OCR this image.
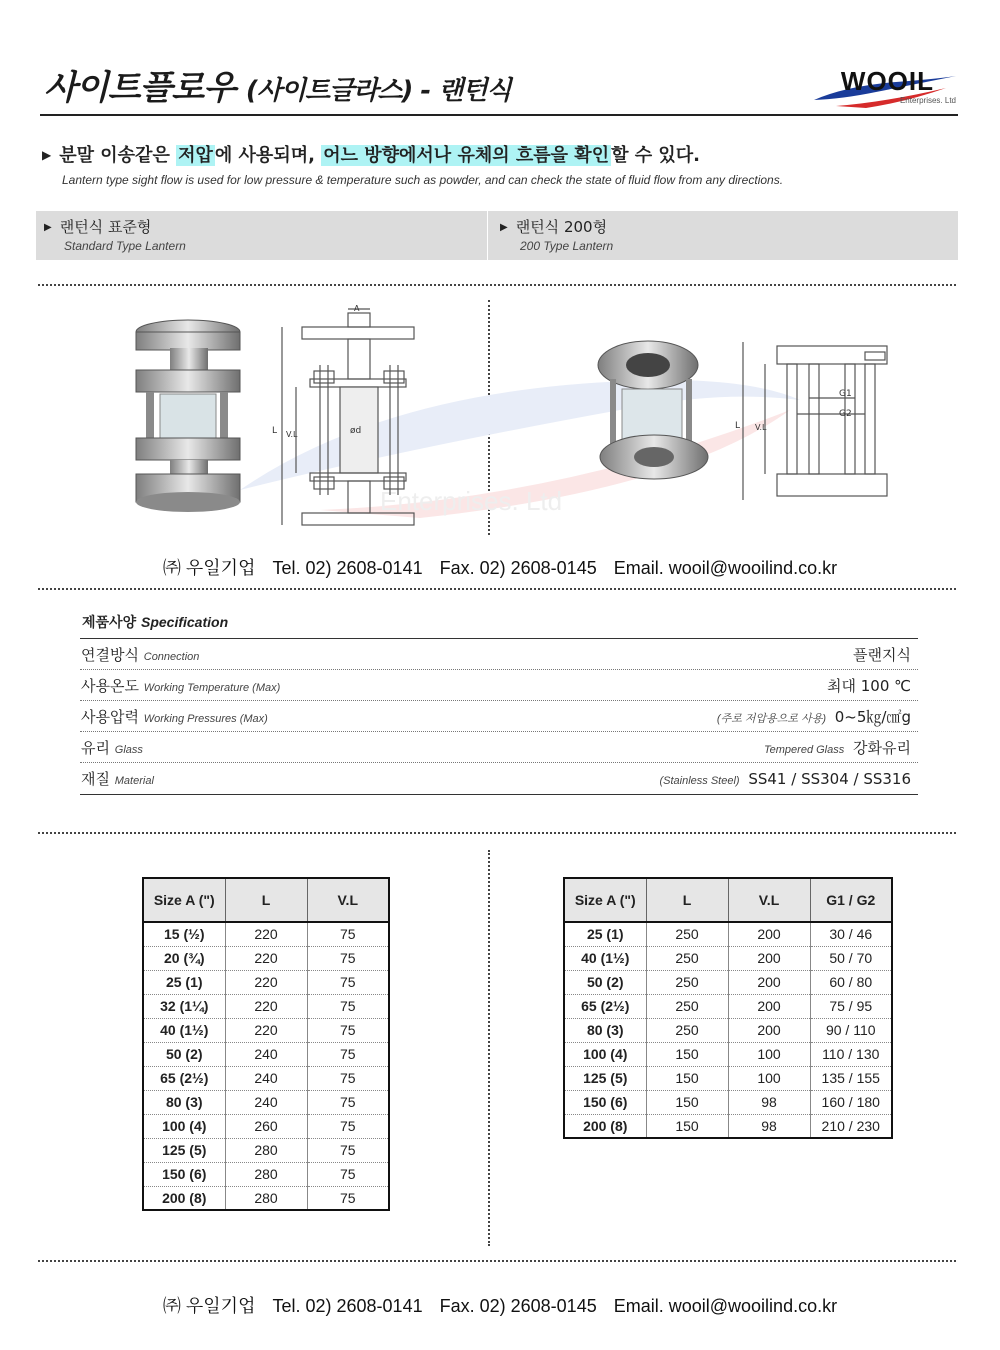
사이트플로우 (사이트글라스) - 랜턴식	WOOIL
Enterprises. Ltd
▶ 분말 이송같은 저압 에 사용되며, 어느 방향에서나 유체의 흐름을 확인 할 수 있다.
Lantern type sight flow is used for low pressure & temperature such as powder, and can check the state of fluid flow from any directions.
▶ 랜턴식 표준형
Standard Type Lantern
▶ 랜턴식 200형
200 Type Lantern
Enterprises. Ltd
A
L V.L	ød
G1
G2
L V.L
㈜ 우일기업 Tel. 02) 2608-0141 Fax. 02) 2608-0145 Email. wooil@wooilind.co.kr
제품사양 Specification
연결방식 Connection	플랜지식
사용온도 Working Temperature (Max)	최대 100 ℃
사용압력 Working Pressures (Max)	(주로 저압용으로 사용) 0~5㎏/㎠g
유리 Glass	Tempered Glass 강화유리
재질 Material	(Stainless Steel) SS41 / SS304 / SS316
Size A (")	L	V.L
15 (½)	220	75
20 (¾)	220	75
25 (1)	220	75
32 (1¼)	220	75
40 (1½)	220	75
50 (2)	240	75
65 (2½)	240	75
80 (3)	240	75
100 (4)	260	75
125 (5)	280	75
150 (6)	280	75
200 (8)	280	75
Size A (")	L	V.L	G1 / G2
25 (1)	250	200	30 / 46
40 (1½)	250	200	50 / 70
50 (2)	250	200	60 / 80
65 (2½)	250	200	75 / 95
80 (3)	250	200	90 / 110
100 (4)	150	100	110 / 130
125 (5)	150	100	135 / 155
150 (6)	150	98	160 / 180
200 (8)	150	98	210 / 230
㈜ 우일기업 Tel. 02) 2608-0141 Fax. 02) 2608-0145 Email. wooil@wooilind.co.kr
